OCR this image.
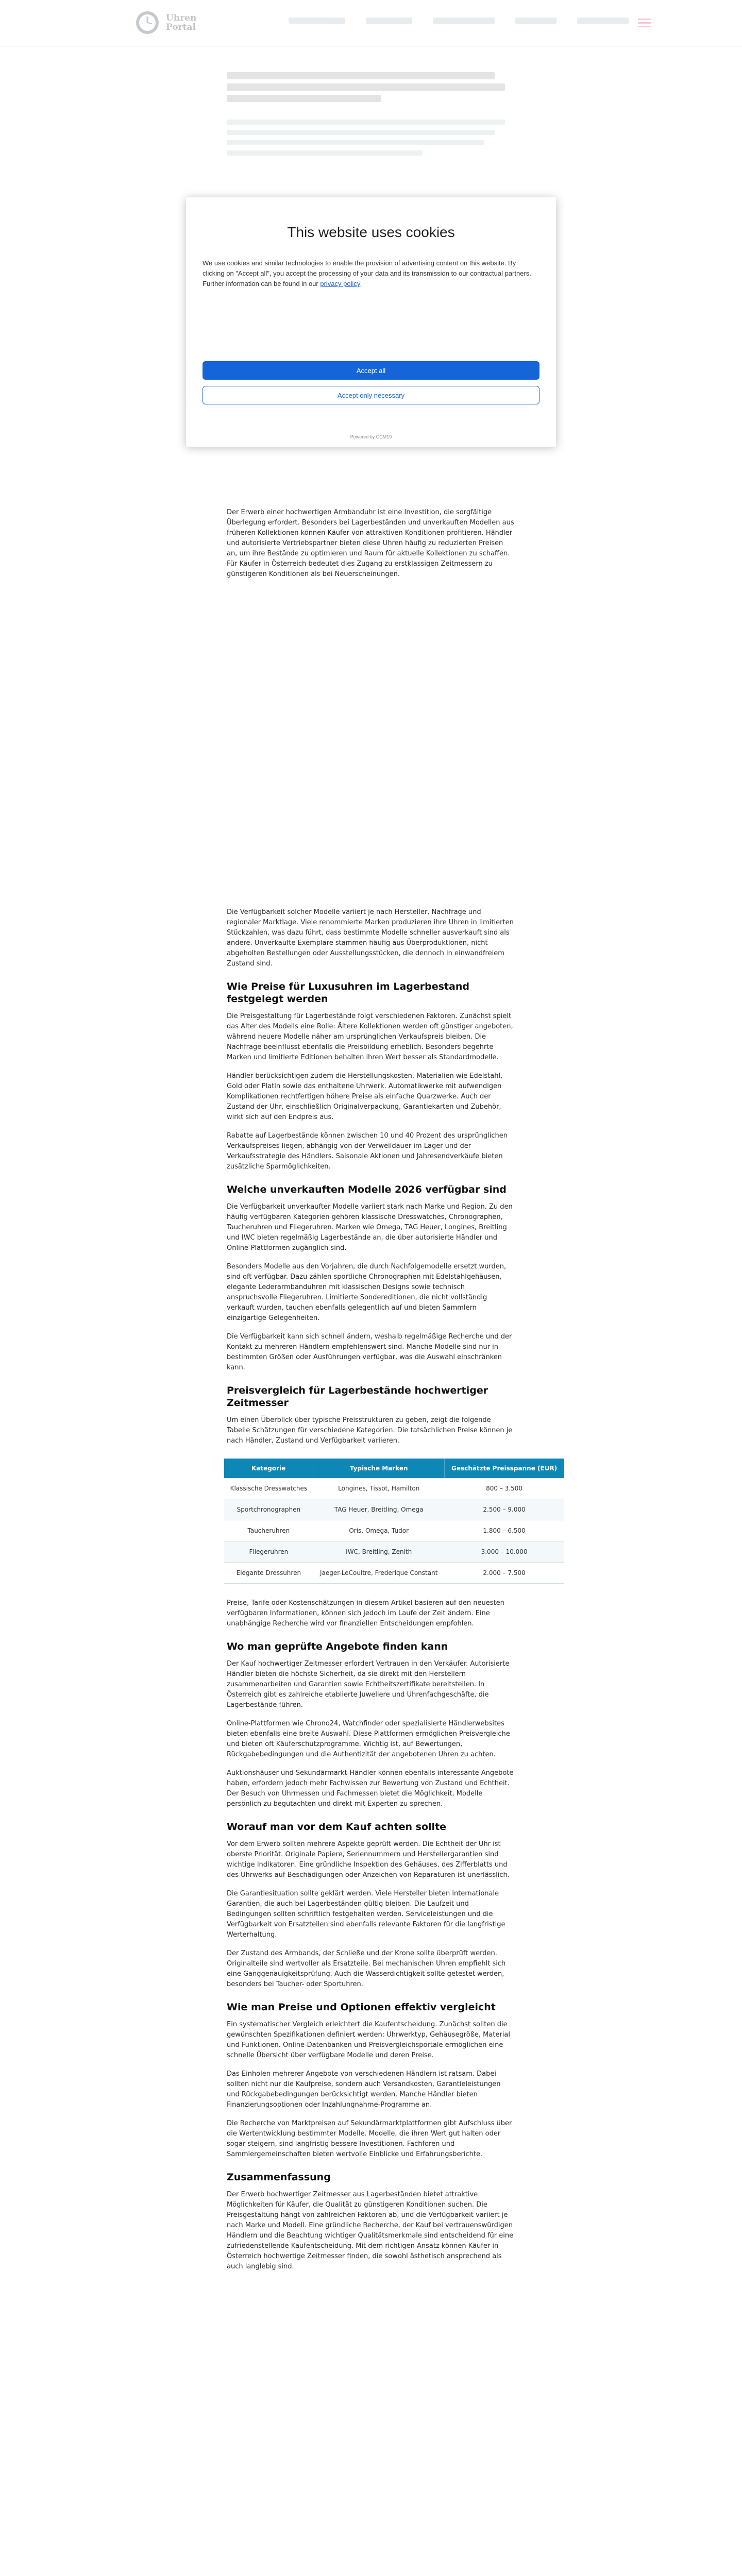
Der Erwerb einer hochwertigen Armbanduhr ist eine Investition, die sorgfältige Überlegung erfordert. Besonders bei Lagerbeständen und unverkauften Modellen aus früheren Kollektionen können Käufer von attraktiven Konditionen profitieren. Händler und autorisierte Vertriebspartner bieten diese Uhren häufig zu reduzierten Preisen an, um ihre Bestände zu optimieren und Raum für aktuelle Kollektionen zu schaffen. Für Käufer in Österreich bedeutet dies Zugang zu erstklassigen Zeitmessern zu günstigeren Konditionen als bei Neuerscheinungen.

Die Verfügbarkeit solcher Modelle variiert je nach Hersteller, Nachfrage und regionaler Marktlage. Viele renommierte Marken produzieren ihre Uhren in limitierten Stückzahlen, was dazu führt, dass bestimmte Modelle schneller ausverkauft sind als andere. Unverkaufte Exemplare stammen häufig aus Überproduktionen, nicht abgeholten Bestellungen oder Ausstellungsstücken, die dennoch in einwandfreiem Zustand sind.

Wie Preise für Luxusuhren im Lagerbestand festgelegt werden

Die Preisgestaltung für Lagerbestände folgt verschiedenen Faktoren. Zunächst spielt das Alter des Modells eine Rolle: Ältere Kollektionen werden oft günstiger angeboten, während neuere Modelle näher am ursprünglichen Verkaufspreis bleiben. Die Nachfrage beeinflusst ebenfalls die Preisbildung erheblich. Besonders begehrte Marken und limitierte Editionen behalten ihren Wert besser als Standardmodelle.

Händler berücksichtigen zudem die Herstellungskosten, Materialien wie Edelstahl, Gold oder Platin sowie das enthaltene Uhrwerk. Automatikwerke mit aufwendigen Komplikationen rechtfertigen höhere Preise als einfache Quarzwerke. Auch der Zustand der Uhr, einschließlich Originalverpackung, Garantiekarten und Zubehör, wirkt sich auf den Endpreis aus.

Rabatte auf Lagerbestände können zwischen 10 und 40 Prozent des ursprünglichen Verkaufspreises liegen, abhängig von der Verweildauer im Lager und der Verkaufsstrategie des Händlers. Saisonale Aktionen und Jahresendverkäufe bieten zusätzliche Sparmöglichkeiten.

Welche unverkauften Modelle 2026 verfügbar sind

Die Verfügbarkeit unverkaufter Modelle variiert stark nach Marke und Region. Zu den häufig verfügbaren Kategorien gehören klassische Dresswatches, Chronographen, Taucheruhren und Fliegeruhren. Marken wie Omega, TAG Heuer, Longines, Breitling und IWC bieten regelmäßig Lagerbestände an, die über autorisierte Händler und Online-Plattformen zugänglich sind.

Besonders Modelle aus den Vorjahren, die durch Nachfolgemodelle ersetzt wurden, sind oft verfügbar. Dazu zählen sportliche Chronographen mit Edelstahlgehäusen, elegante Lederarmbanduhren mit klassischen Designs sowie technisch anspruchsvolle Fliegeruhren. Limitierte Sondereditionen, die nicht vollständig verkauft wurden, tauchen ebenfalls gelegentlich auf und bieten Sammlern einzigartige Gelegenheiten.

Die Verfügbarkeit kann sich schnell ändern, weshalb regelmäßige Recherche und der Kontakt zu mehreren Händlern empfehlenswert sind. Manche Modelle sind nur in bestimmten Größen oder Ausführungen verfügbar, was die Auswahl einschränken kann.

Preisvergleich für Lagerbestände hochwertiger Zeitmesser

Um einen Überblick über typische Preisstrukturen zu geben, zeigt die folgende Tabelle Schätzungen für verschiedene Kategorien. Die tatsächlichen Preise können je nach Händler, Zustand und Verfügbarkeit variieren.

Kategorie	Typische Marken	Geschätzte Preisspanne (EUR)
Klassische Dresswatches	Longines, Tissot, Hamilton	800 – 3.500
Sportchronographen	TAG Heuer, Breitling, Omega	2.500 – 9.000
Taucheruhren	Oris, Omega, Tudor	1.800 – 6.500
Fliegeruhren	IWC, Breitling, Zenith	3.000 – 10.000
Elegante Dressuhren	Jaeger-LeCoultre, Frederique Constant	2.000 – 7.500

Preise, Tarife oder Kostenschätzungen in diesem Artikel basieren auf den neuesten verfügbaren Informationen, können sich jedoch im Laufe der Zeit ändern. Eine unabhängige Recherche wird vor finanziellen Entscheidungen empfohlen.

Wo man geprüfte Angebote finden kann

Der Kauf hochwertiger Zeitmesser erfordert Vertrauen in den Verkäufer. Autorisierte Händler bieten die höchste Sicherheit, da sie direkt mit den Herstellern zusammenarbeiten und Garantien sowie Echtheitszertifikate bereitstellen. In Österreich gibt es zahlreiche etablierte Juweliere und Uhrenfachgeschäfte, die Lagerbestände führen.

Online-Plattformen wie Chrono24, Watchfinder oder spezialisierte Händlerwebsites bieten ebenfalls eine breite Auswahl. Diese Plattformen ermöglichen Preisvergleiche und bieten oft Käuferschutzprogramme. Wichtig ist, auf Bewertungen, Rückgabebedingungen und die Authentizität der angebotenen Uhren zu achten.

Auktionshäuser und Sekundärmarkt-Händler können ebenfalls interessante Angebote haben, erfordern jedoch mehr Fachwissen zur Bewertung von Zustand und Echtheit. Der Besuch von Uhrmessen und Fachmessen bietet die Möglichkeit, Modelle persönlich zu begutachten und direkt mit Experten zu sprechen.

Worauf man vor dem Kauf achten sollte

Vor dem Erwerb sollten mehrere Aspekte geprüft werden. Die Echtheit der Uhr ist oberste Priorität. Originale Papiere, Seriennummern und Herstellergarantien sind wichtige Indikatoren. Eine gründliche Inspektion des Gehäuses, des Zifferblatts und des Uhrwerks auf Beschädigungen oder Anzeichen von Reparaturen ist unerlässlich.

Die Garantiesituation sollte geklärt werden. Viele Hersteller bieten internationale Garantien, die auch bei Lagerbeständen gültig bleiben. Die Laufzeit und Bedingungen sollten schriftlich festgehalten werden. Serviceleistungen und die Verfügbarkeit von Ersatzteilen sind ebenfalls relevante Faktoren für die langfristige Werterhaltung.

Der Zustand des Armbands, der Schließe und der Krone sollte überprüft werden. Originalteile sind wertvoller als Ersatzteile. Bei mechanischen Uhren empfiehlt sich eine Ganggenauigkeitsprüfung. Auch die Wasserdichtigkeit sollte getestet werden, besonders bei Taucher- oder Sportuhren.

Wie man Preise und Optionen effektiv vergleicht

Ein systematischer Vergleich erleichtert die Kaufentscheidung. Zunächst sollten die gewünschten Spezifikationen definiert werden: Uhrwerktyp, Gehäusegröße, Material und Funktionen. Online-Datenbanken und Preisvergleichsportale ermöglichen eine schnelle Übersicht über verfügbare Modelle und deren Preise.

Das Einholen mehrerer Angebote von verschiedenen Händlern ist ratsam. Dabei sollten nicht nur die Kaufpreise, sondern auch Versandkosten, Garantieleistungen und Rückgabebedingungen berücksichtigt werden. Manche Händler bieten Finanzierungsoptionen oder Inzahlungnahme-Programme an.

Die Recherche von Marktpreisen auf Sekundärmarktplattformen gibt Aufschluss über die Wertentwicklung bestimmter Modelle. Modelle, die ihren Wert gut halten oder sogar steigern, sind langfristig bessere Investitionen. Fachforen und Sammlergemeinschaften bieten wertvolle Einblicke und Erfahrungsberichte.

Zusammenfassung

Der Erwerb hochwertiger Zeitmesser aus Lagerbeständen bietet attraktive Möglichkeiten für Käufer, die Qualität zu günstigeren Konditionen suchen. Die Preisgestaltung hängt von zahlreichen Faktoren ab, und die Verfügbarkeit variiert je nach Marke und Modell. Eine gründliche Recherche, der Kauf bei vertrauenswürdigen Händlern und die Beachtung wichtiger Qualitätsmerkmale sind entscheidend für eine zufriedenstellende Kaufentscheidung. Mit dem richtigen Ansatz können Käufer in Österreich hochwertige Zeitmesser finden, die sowohl ästhetisch ansprechend als auch langlebig sind.

This website uses cookies
We use cookies and similar technologies to enable the provision of advertising content on this website. By clicking on "Accept all", you accept the processing of your data and its transmission to our contractual partners. Further information can be found in our privacy policy
Accept all
Accept only necessary
Powered by CCM19
